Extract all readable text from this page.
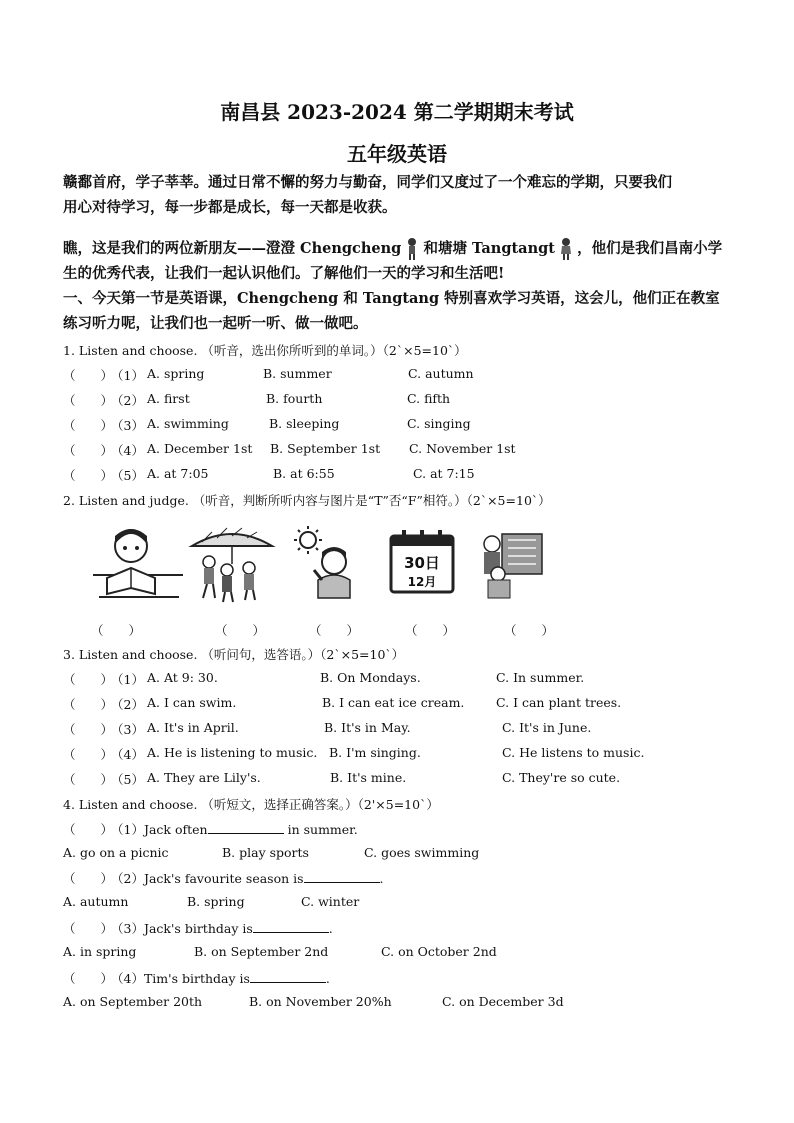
南昌县 2023-2024 第二学期期末考试
五年级英语
赣鄱首府，学子莘莘。通过日常不懈的努力与勤奋，同学们又度过了一个难忘的学期，只要我们
用心对待学习，每一步都是成长，每一天都是收获。
瞧，这是我们的两位新朋友——澄澄 Chengcheng 和塘塘 Tangtangt ，他们是我们昌南小学
生的优秀代表，让我们一起认识他们。了解他们一天的学习和生活吧!
一、今天第一节是英语课，Chengcheng 和 Tangtang 特别喜欢学习英语，这会儿，他们正在教室
练习听力呢，让我们也一起听一听、做一做吧。
1. Listen and choose. （听音，选出你所听到的单词。）（2`×5=10`）
（　　）
（1） A. spring	B. summer	C. autumn
（　　）
（2） A. first	B. fourth	C. fifth
（　　）
（3） A. swimming	B. sleeping	C. singing
（　　）
（4） A. December 1st B. September 1st C. November 1st
（　　）
（5） A. at 7:05	B. at 6:55	C. at 7:15
2. Listen and judge. （听音，判断所听内容与图片是“T”否“F”相符。）（2`×5=10`）
30日
12月
（　　）	（　　）	（　　）	（　　）	（　　）
3. Listen and choose. （听问句，选答语。）（2`×5=10`）
（　　）
（1） A. At 9: 30.	B. On Mondays.	C. In summer.
（　　）
（2） A. I can swim.	B. I can eat ice cream.	C. I can plant trees.
（　　）
（3） A. It's in April.	B. It's in May.	C. It's in June.
（　　）
（4） A. He is listening to music. B. I'm singing.	C. He listens to music.
（　　）
（5） A. They are Lily's.	B. It's mine.	C. They're so cute.
4. Listen and choose. （听短文，选择正确答案。）（2'×5=10`）
（　　）
（1）Jack often	in summer.
A. go on a picnic	B. play sports	C. goes swimming
（　　）
（2）Jack's favourite season is	.
A. autumn	B. spring	C. winter
（　　）
（3）Jack's birthday is	.
A. in spring	B. on September 2nd	C. on October 2nd
（　　）
（4）Tim's birthday is	.
A. on September 20th	B. on November 20%h	C. on December 3d
